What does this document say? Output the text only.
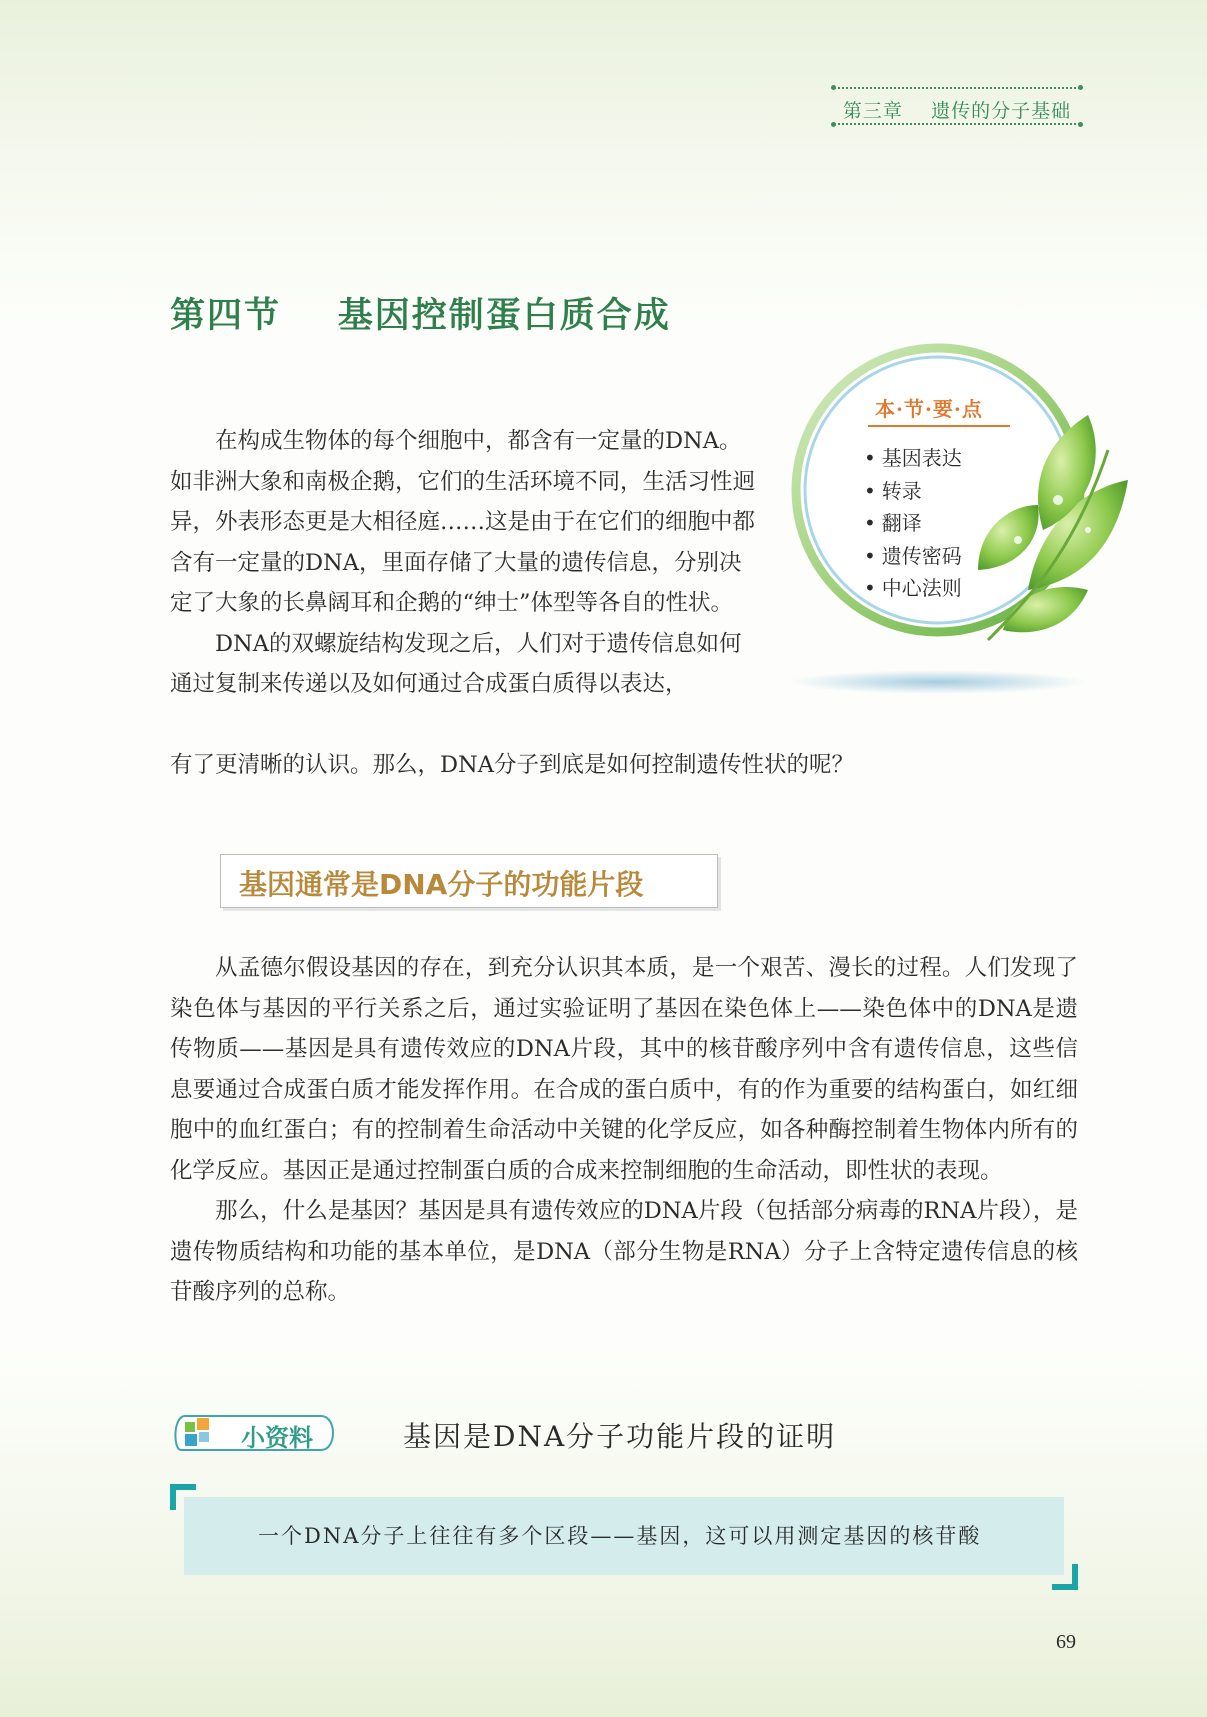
第三章    遗传的分子基础
第四节    基因控制蛋白质合成

在构成生物体的每个细胞中，都含有一定量的DNA。如非洲大象和南极企鹅，它们的生活环境不同，生活习性迥异，外表形态更是大相径庭……这是由于在它们的细胞中都含有一定量的DNA，里面存储了大量的遗传信息，分别决定了大象的长鼻阔耳和企鹅的“绅士”体型等各自的性状。
DNA的双螺旋结构发现之后，人们对于遗传信息如何通过复制来传递以及如何通过合成蛋白质得以表达，

有了更清晰的认识。那么，DNA分子到底是如何控制遗传性状的呢？

本·节·要·点
• 基因表达
• 转录
• 翻译
• 遗传密码
• 中心法则
基因通常是DNA分子的功能片段
从孟德尔假设基因的存在，到充分认识其本质，是一个艰苦、漫长的过程。人们发现了染色体与基因的平行关系之后，通过实验证明了基因在染色体上——染色体中的DNA是遗传物质——基因是具有遗传效应的DNA片段，其中的核苷酸序列中含有遗传信息，这些信息要通过合成蛋白质才能发挥作用。在合成的蛋白质中，有的作为重要的结构蛋白，如红细胞中的血红蛋白；有的控制着生命活动中关键的化学反应，如各种酶控制着生物体内所有的化学反应。基因正是通过控制蛋白质的合成来控制细胞的生命活动，即性状的表现。
那么，什么是基因？基因是具有遗传效应的DNA片段（包括部分病毒的RNA片段），是遗传物质结构和功能的基本单位，是DNA（部分生物是RNA）分子上含特定遗传信息的核苷酸序列的总称。
小资料	基因是DNA分子功能片段的证明
一个DNA分子上往往有多个区段——基因，这可以用测定基因的核苷酸
69
